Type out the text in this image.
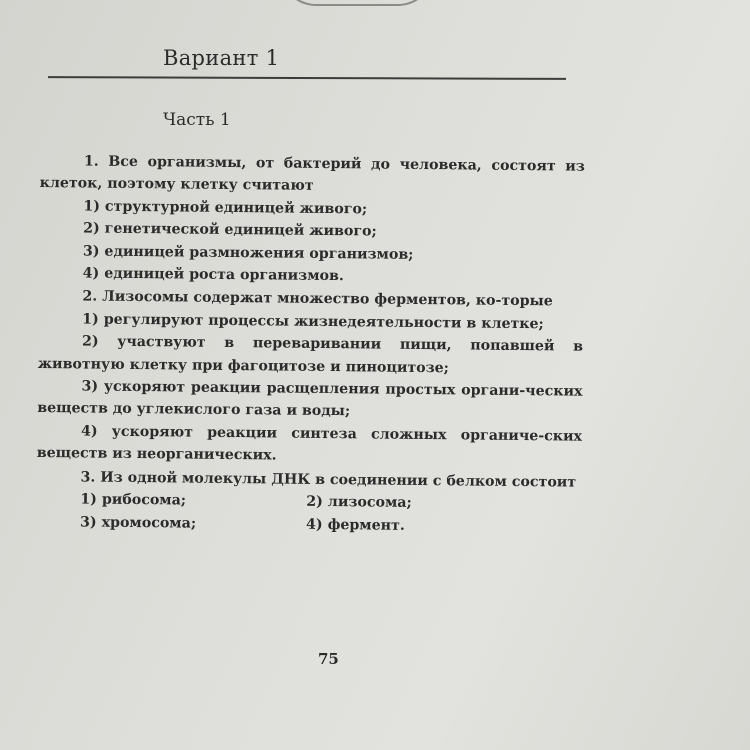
Вариант 1
Часть 1
1. Все организмы, от бактерий до человека, состоят из клеток, поэтому клетку считают
1) структурной единицей живого;
2) генетической единицей живого;
3) единицей размножения организмов;
4) единицей роста организмов.
2. Лизосомы содержат множество ферментов, ко-торые
1) регулируют процессы жизнедеятельности в клетке;
2) участвуют в переваривании пищи, попавшей в животную клетку при фагоцитозе и пиноцитозе;
3) ускоряют реакции расщепления простых органи-ческих веществ до углекислого газа и воды;
4) ускоряют реакции синтеза сложных органиче-ских веществ из неорганических.
3. Из одной молекулы ДНК в соединении с белком состоит
1) рибосома;	2) лизосома;
3) хромосома;	4) фермент.
75
